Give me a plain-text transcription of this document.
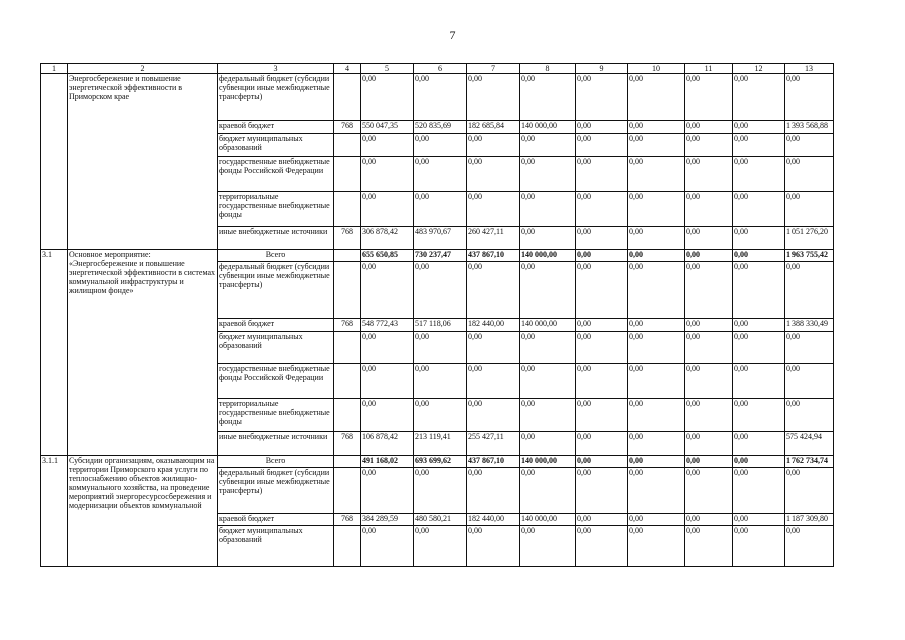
7
1	2	3	4	5	6	7	8	9	10	11	12	13
	Энергосбережение и повышение энергетической эффективности в Приморском крае	федеральный бюджет (субсидии субвенции иные межбюджетные трансферты)		0,00	0,00	0,00	0,00	0,00	0,00	0,00	0,00	0,00
		краевой бюджет	768	550 047,35	520 835,69	182 685,84	140 000,00	0,00	0,00	0,00	0,00	1 393 568,88
		бюджет муниципальных образований		0,00	0,00	0,00	0,00	0,00	0,00	0,00	0,00	0,00
		государственные внебюджетные фонды Российской Федерации		0,00	0,00	0,00	0,00	0,00	0,00	0,00	0,00	0,00
		территориальные государственные внебюджетные фонды		0,00	0,00	0,00	0,00	0,00	0,00	0,00	0,00	0,00
		иные внебюджетные источники	768	306 878,42	483 970,67	260 427,11	0,00	0,00	0,00	0,00	0,00	1 051 276,20
3.1	Основное мероприятие: «Энергосбережение и повышение энергетической эффективности в системах коммунальной инфраструктуры и жилищном фонде»	Всего		655 650,85	730 237,47	437 867,10	140 000,00	0,00	0,00	0,00	0,00	1 963 755,42
		федеральный бюджет (субсидии субвенции иные межбюджетные трансферты)		0,00	0,00	0,00	0,00	0,00	0,00	0,00	0,00	0,00
		краевой бюджет	768	548 772,43	517 118,06	182 440,00	140 000,00	0,00	0,00	0,00	0,00	1 388 330,49
		бюджет муниципальных образований		0,00	0,00	0,00	0,00	0,00	0,00	0,00	0,00	0,00
		государственные внебюджетные фонды Российской Федерации		0,00	0,00	0,00	0,00	0,00	0,00	0,00	0,00	0,00
		территориальные государственные внебюджетные фонды		0,00	0,00	0,00	0,00	0,00	0,00	0,00	0,00	0,00
		иные внебюджетные источники	768	106 878,42	213 119,41	255 427,11	0,00	0,00	0,00	0,00	0,00	575 424,94
3.1.1	Субсидии организациям, оказывающим на территории Приморского края услуги по теплоснабжению объектов жилищно-коммунального хозяйства, на проведение мероприятий энергоресурсосбережения и модернизации объектов коммунальной	Всего		491 168,02	693 699,62	437 867,10	140 000,00	0,00	0,00	0,00	0,00	1 762 734,74
		федеральный бюджет (субсидии субвенции иные межбюджетные трансферты)		0,00	0,00	0,00	0,00	0,00	0,00	0,00	0,00	0,00
		краевой бюджет	768	384 289,59	480 580,21	182 440,00	140 000,00	0,00	0,00	0,00	0,00	1 187 309,80
		бюджет муниципальных образований		0,00	0,00	0,00	0,00	0,00	0,00	0,00	0,00	0,00
